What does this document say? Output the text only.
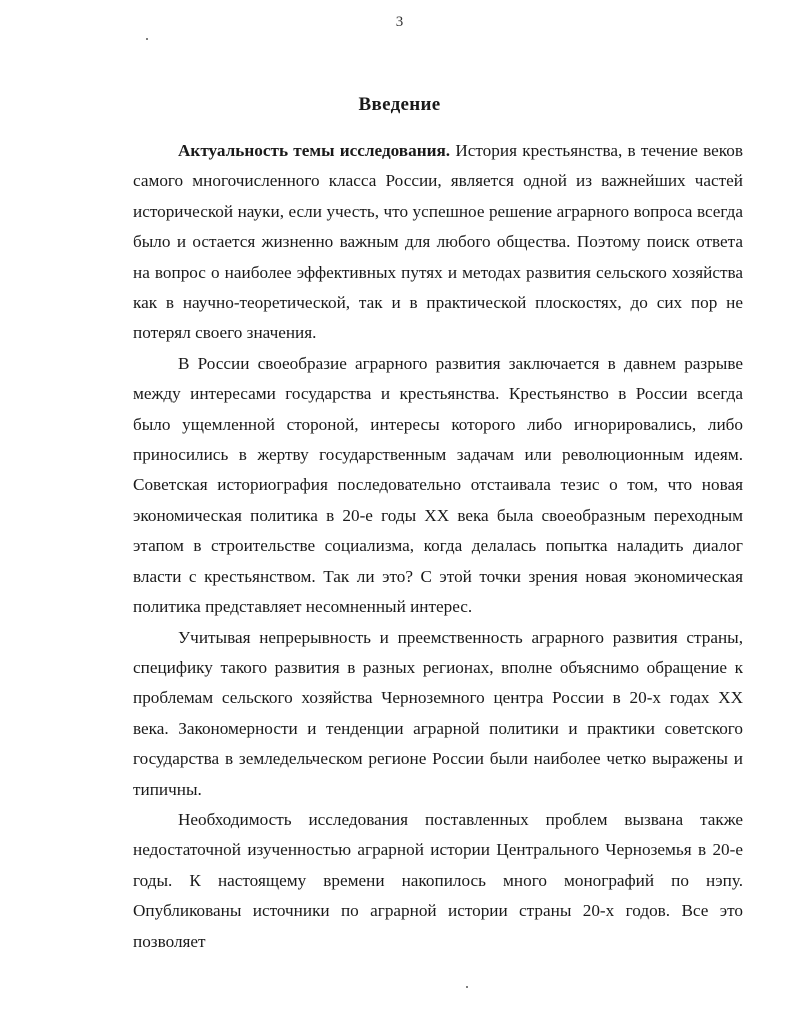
3
Введение

Актуальность темы исследования. История крестьянства, в течение веков самого многочисленного класса России, является одной из важнейших частей исторической науки, если учесть, что успешное решение аграрного вопроса всегда было и остается жизненно важным для любого общества. Поэтому поиск ответа на вопрос о наиболее эффективных путях и методах развития сельского хозяйства как в научно-теоретической, так и в практической плоскостях, до сих пор не потерял своего значения.

В России своеобразие аграрного развития заключается в давнем разрыве между интересами государства и крестьянства. Крестьянство в России всегда было ущемленной стороной, интересы которого либо игнорировались, либо приносились в жертву государственным задачам или революционным идеям. Советская историография последовательно отстаивала тезис о том, что новая экономическая политика в 20-е годы XX века была своеобразным переходным этапом в строительстве социализма, когда делалась попытка наладить диалог власти с крестьянством. Так ли это? С этой точки зрения новая экономическая политика представляет несомненный интерес.

Учитывая непрерывность и преемственность аграрного развития страны, специфику такого развития в разных регионах, вполне объяснимо обращение к проблемам сельского хозяйства Черноземного центра России в 20-х годах XX века. Закономерности и тенденции аграрной политики и практики советского государства в земледельческом регионе России были наиболее четко выражены и типичны.

Необходимость исследования поставленных проблем вызвана также недостаточной изученностью аграрной истории Центрального Черноземья в 20-е годы. К настоящему времени накопилось много монографий по нэпу. Опубликованы источники по аграрной истории страны 20-х годов. Все это позволяет
